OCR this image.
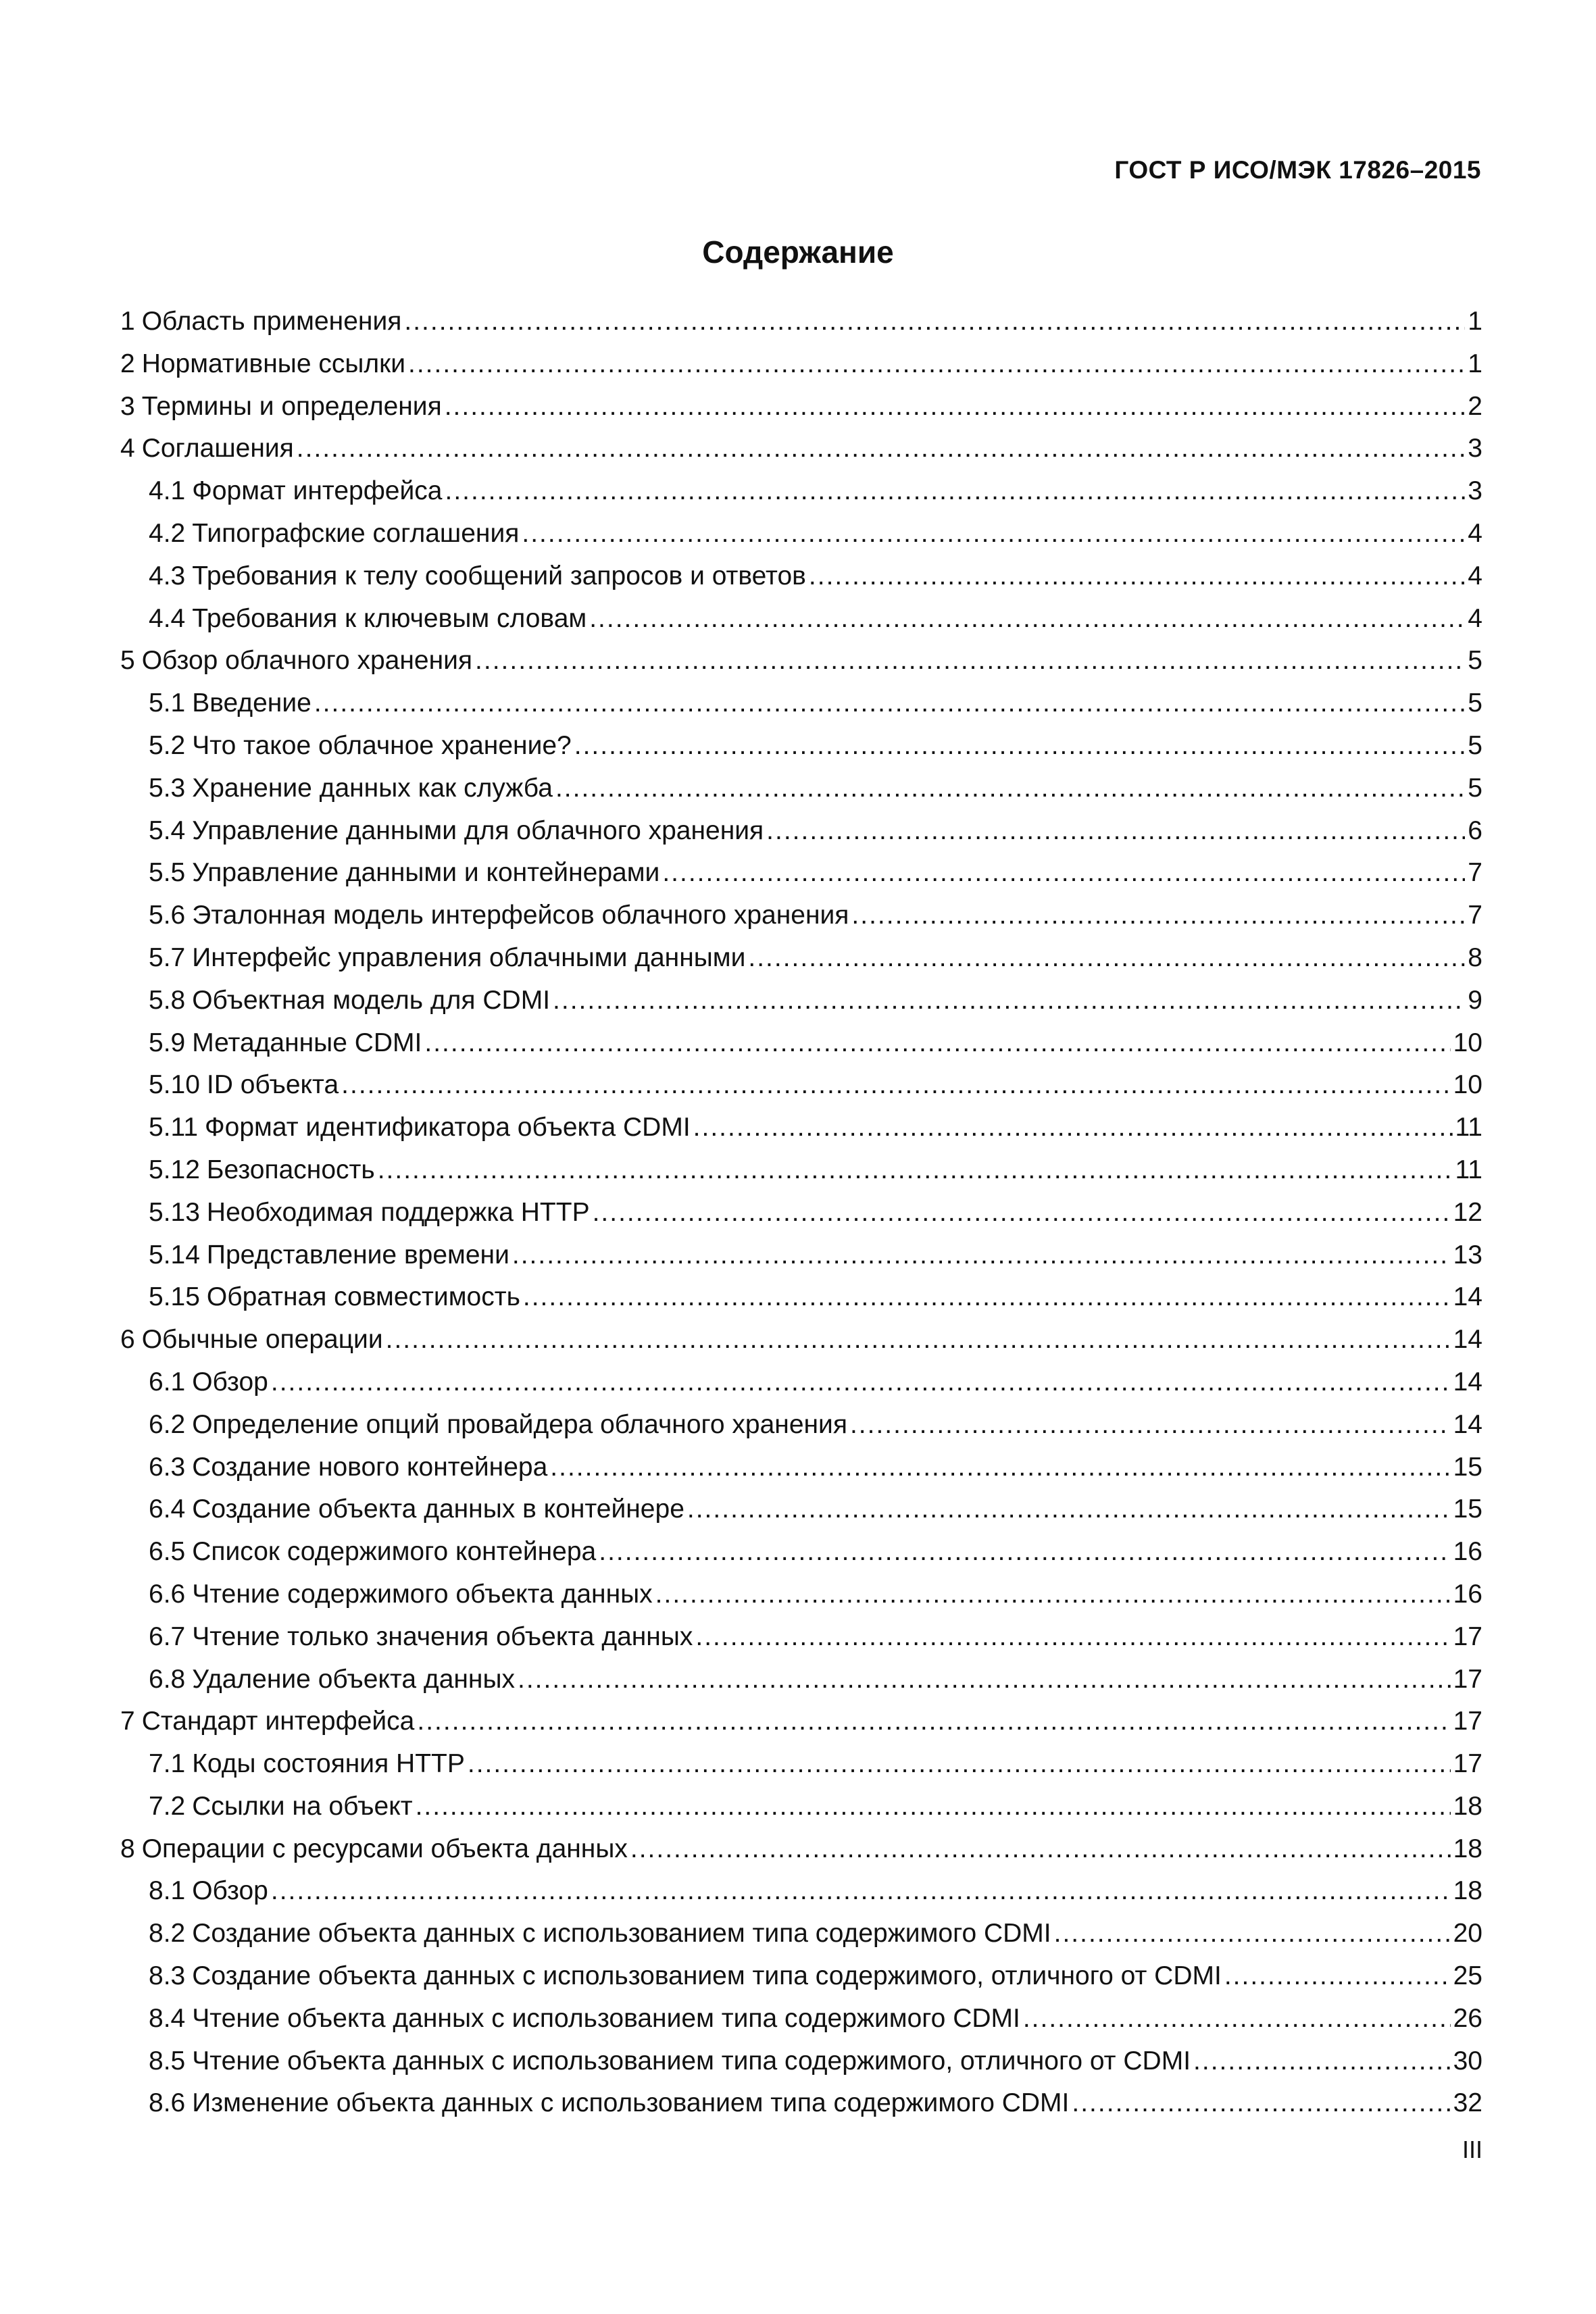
ГОСТ Р ИСО/МЭК 17826–2015
Содержание
1 Область применения .....	1
2 Нормативные ссылки .....	1
3 Термины и определения .....	2
4 Соглашения .....	3
4.1 Формат интерфейса .....	3
4.2 Типографские соглашения .....	4
4.3 Требования к телу сообщений запросов и ответов .....	4
4.4 Требования к ключевым словам .....	4
5 Обзор облачного хранения .....	5
5.1 Введение .....	5
5.2 Что такое облачное хранение? .....	5
5.3 Хранение данных как служба .....	5
5.4 Управление данными для облачного хранения .....	6
5.5 Управление данными и контейнерами .....	7
5.6 Эталонная модель интерфейсов облачного хранения .....	7
5.7 Интерфейс управления облачными данными .....	8
5.8 Объектная модель для CDMI .....	9
5.9 Метаданные CDMI .....	10
5.10 ID объекта .....	10
5.11 Формат идентификатора объекта CDMI .....	11
5.12 Безопасность .....	11
5.13 Необходимая поддержка HTTP .....	12
5.14 Представление времени .....	13
5.15 Обратная совместимость .....	14
6 Обычные операции .....	14
6.1 Обзор .....	14
6.2 Определение опций провайдера облачного хранения .....	14
6.3 Создание нового контейнера .....	15
6.4 Создание объекта данных в контейнере .....	15
6.5 Список содержимого контейнера .....	16
6.6 Чтение содержимого объекта данных .....	16
6.7 Чтение только значения объекта данных .....	17
6.8 Удаление объекта данных .....	17
7 Стандарт интерфейса .....	17
7.1 Коды состояния HTTP .....	17
7.2 Ссылки на объект .....	18
8 Операции с ресурсами объекта данных .....	18
8.1 Обзор .....	18
8.2 Создание объекта данных с использованием типа содержимого CDMI .....	20
8.3 Создание объекта данных с использованием типа содержимого, отличного от CDMI .....	25
8.4 Чтение объекта данных с использованием типа содержимого CDMI .....	26
8.5 Чтение объекта данных с использованием типа содержимого, отличного от CDMI .....	30
8.6 Изменение объекта данных с использованием типа содержимого CDMI .....	32
III
